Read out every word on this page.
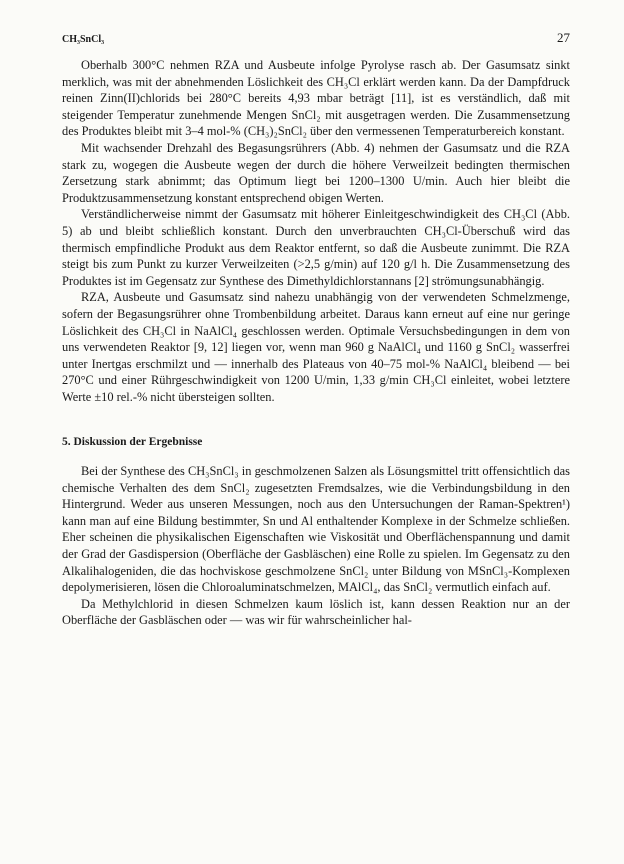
CH₃SnCl₃	27

Oberhalb 300°C nehmen RZA und Ausbeute infolge Pyrolyse rasch ab. Der Gasumsatz sinkt merklich, was mit der abnehmenden Löslichkeit des CH₃Cl erklärt werden kann. Da der Dampfdruck reinen Zinn(II)chlorids bei 280°C bereits 4,93 mbar beträgt [11], ist es verständlich, daß mit steigender Temperatur zunehmende Mengen SnCl₂ mit ausgetragen werden. Die Zusammensetzung des Produktes bleibt mit 3–4 mol-% (CH₃)₂SnCl₂ über den vermessenen Temperaturbereich konstant.

Mit wachsender Drehzahl des Begasungsrührers (Abb. 4) nehmen der Gasumsatz und die RZA stark zu, wogegen die Ausbeute wegen der durch die höhere Verweilzeit bedingten thermischen Zersetzung stark abnimmt; das Optimum liegt bei 1200–1300 U/min. Auch hier bleibt die Produktzusammensetzung konstant entsprechend obigen Werten.

Verständlicherweise nimmt der Gasumsatz mit höherer Einleitgeschwindigkeit des CH₃Cl (Abb. 5) ab und bleibt schließlich konstant. Durch den unverbrauchten CH₃Cl-Überschuß wird das thermisch empfindliche Produkt aus dem Reaktor entfernt, so daß die Ausbeute zunimmt. Die RZA steigt bis zum Punkt zu kurzer Verweilzeiten (>2,5 g/min) auf 120 g/l h. Die Zusammensetzung des Produktes ist im Gegensatz zur Synthese des Dimethyldichlorstannans [2] strömungsunabhängig.

RZA, Ausbeute und Gasumsatz sind nahezu unabhängig von der verwendeten Schmelzmenge, sofern der Begasungsrührer ohne Trombenbildung arbeitet. Daraus kann erneut auf eine nur geringe Löslichkeit des CH₃Cl in NaAlCl₄ geschlossen werden. Optimale Versuchsbedingungen in dem von uns verwendeten Reaktor [9, 12] liegen vor, wenn man 960 g NaAlCl₄ und 1160 g SnCl₂ wasserfrei unter Inertgas erschmilzt und — innerhalb des Plateaus von 40–75 mol-% NaAlCl₄ bleibend — bei 270°C und einer Rührgeschwindigkeit von 1200 U/min, 1,33 g/min CH₃Cl einleitet, wobei letztere Werte ±10 rel.-% nicht übersteigen sollten.

5. Diskussion der Ergebnisse

Bei der Synthese des CH₃SnCl₃ in geschmolzenen Salzen als Lösungsmittel tritt offensichtlich das chemische Verhalten des dem SnCl₂ zugesetzten Fremdsalzes, wie die Verbindungsbildung in den Hintergrund. Weder aus unseren Messungen, noch aus den Untersuchungen der Raman-Spektren¹) kann man auf eine Bildung bestimmter, Sn und Al enthaltender Komplexe in der Schmelze schließen. Eher scheinen die physikalischen Eigenschaften wie Viskosität und Oberflächenspannung und damit der Grad der Gasdispersion (Oberfläche der Gasbläschen) eine Rolle zu spielen. Im Gegensatz zu den Alkalihalogeniden, die das hochviskose geschmolzene SnCl₂ unter Bildung von MSnCl₃-Komplexen depolymerisieren, lösen die Chloroaluminatschmelzen, MAlCl₄, das SnCl₂ vermutlich einfach auf.

Da Methylchlorid in diesen Schmelzen kaum löslich ist, kann dessen Reaktion nur an der Oberfläche der Gasbläschen oder — was wir für wahrscheinlicher hal-
